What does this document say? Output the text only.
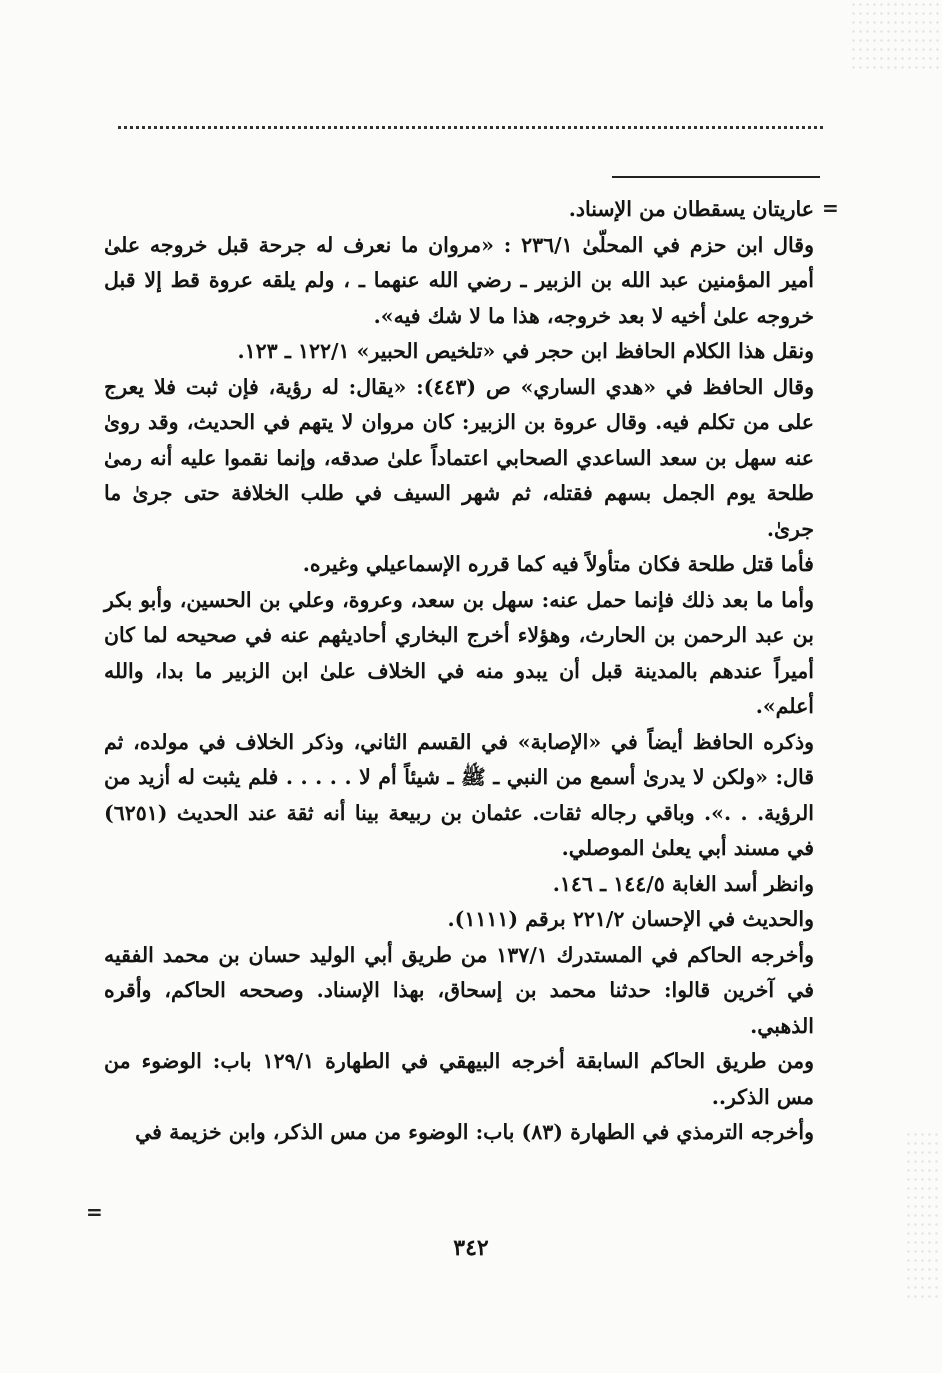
=

عاريتان يسقطان من الإسناد.

وقال ابن حزم في المحلّىٰ ٢٣٦/١ : «مروان ما نعرف له جرحة قبل خروجه علىٰ أمير المؤمنين عبد الله بن الزبير ـ رضي الله عنهما ـ ، ولم يلقه عروة قط إلا قبل خروجه علىٰ أخيه لا بعد خروجه، هذا ما لا شك فيه».

ونقل هذا الكلام الحافظ ابن حجر في «تلخيص الحبير» ١٢٢/١ ـ ١٢٣.

وقال الحافظ في «هدي الساري» ص (٤٤٣): «يقال: له رؤية، فإن ثبت فلا يعرج على من تكلم فيه. وقال عروة بن الزبير: كان مروان لا يتهم في الحديث، وقد روىٰ عنه سهل بن سعد الساعدي الصحابي اعتماداً علىٰ صدقه، وإنما نقموا عليه أنه رمىٰ طلحة يوم الجمل بسهم فقتله، ثم شهر السيف في طلب الخلافة حتى جرىٰ ما جرىٰ.

فأما قتل طلحة فكان متأولاً فيه كما قرره الإسماعيلي وغيره.

وأما ما بعد ذلك فإنما حمل عنه: سهل بن سعد، وعروة، وعلي بن الحسين، وأبو بكر بن عبد الرحمن بن الحارث، وهؤلاء أخرج البخاري أحاديثهم عنه في صحيحه لما كان أميراً عندهم بالمدينة قبل أن يبدو منه في الخلاف علىٰ ابن الزبير ما بدا، والله أعلم».

وذكره الحافظ أيضاً في «الإصابة» في القسم الثاني، وذكر الخلاف في مولده، ثم قال: «ولكن لا يدرىٰ أسمع من النبي ـ ﷺ ـ شيئاً أم لا . . . . . فلم يثبت له أزيد من الرؤية. . .». وباقي رجاله ثقات. عثمان بن ربيعة بينا أنه ثقة عند الحديث (٦٢٥١) في مسند أبي يعلىٰ الموصلي.

وانظر أسد الغابة ١٤٤/٥ ـ ١٤٦.

والحديث في الإحسان ٢٢١/٢ برقم (١١١١).

وأخرجه الحاكم في المستدرك ١٣٧/١ من طريق أبي الوليد حسان بن محمد الفقيه في آخرين قالوا: حدثنا محمد بن إسحاق، بهذا الإسناد. وصححه الحاكم، وأقره الذهبي.

ومن طريق الحاكم السابقة أخرجه البيهقي في الطهارة ١٢٩/١ باب: الوضوء من مس الذكر..

وأخرجه الترمذي في الطهارة (٨٣) باب: الوضوء من مس الذكر، وابن خزيمة في

=
٣٤٢
